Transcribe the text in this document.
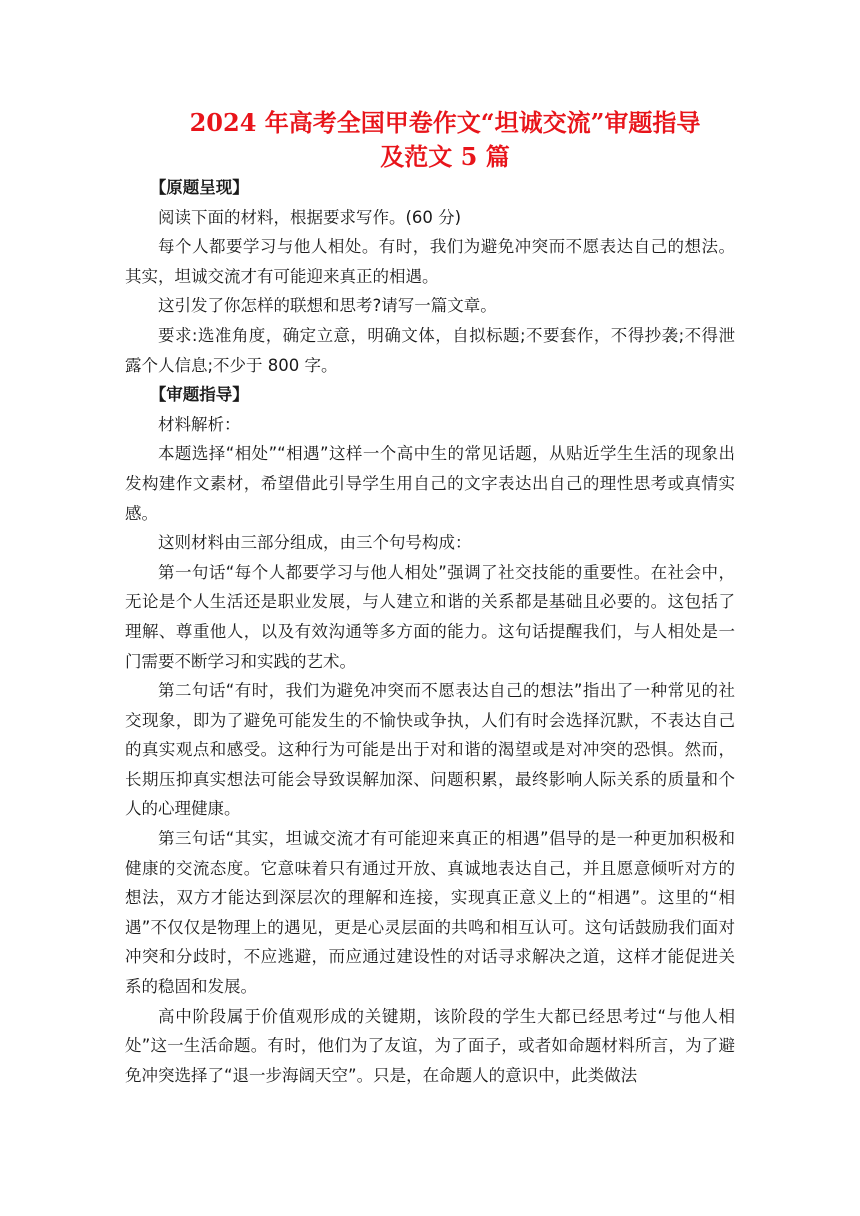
2024 年高考全国甲卷作文“坦诚交流”审题指导
及范文 5 篇

【原题呈现】

阅读下面的材料，根据要求写作。(60 分)

每个人都要学习与他人相处。有时，我们为避免冲突而不愿表达自己的想法。其实，坦诚交流才有可能迎来真正的相遇。

这引发了你怎样的联想和思考?请写一篇文章。

要求:选准角度，确定立意，明确文体，自拟标题;不要套作，不得抄袭;不得泄露个人信息;不少于 800 字。

【审题指导】

材料解析：

本题选择“相处”“相遇”这样一个高中生的常见话题，从贴近学生生活的现象出发构建作文素材，希望借此引导学生用自己的文字表达出自己的理性思考或真情实感。

这则材料由三部分组成，由三个句号构成：

第一句话“每个人都要学习与他人相处”强调了社交技能的重要性。在社会中，无论是个人生活还是职业发展，与人建立和谐的关系都是基础且必要的。这包括了理解、尊重他人，以及有效沟通等多方面的能力。这句话提醒我们，与人相处是一门需要不断学习和实践的艺术。

第二句话“有时，我们为避免冲突而不愿表达自己的想法”指出了一种常见的社交现象，即为了避免可能发生的不愉快或争执，人们有时会选择沉默，不表达自己的真实观点和感受。这种行为可能是出于对和谐的渴望或是对冲突的恐惧。然而，长期压抑真实想法可能会导致误解加深、问题积累，最终影响人际关系的质量和个人的心理健康。

第三句话“其实，坦诚交流才有可能迎来真正的相遇”倡导的是一种更加积极和健康的交流态度。它意味着只有通过开放、真诚地表达自己，并且愿意倾听对方的想法，双方才能达到深层次的理解和连接，实现真正意义上的“相遇”。这里的“相遇”不仅仅是物理上的遇见，更是心灵层面的共鸣和相互认可。这句话鼓励我们面对冲突和分歧时，不应逃避，而应通过建设性的对话寻求解决之道，这样才能促进关系的稳固和发展。

高中阶段属于价值观形成的关键期，该阶段的学生大都已经思考过“与他人相处”这一生活命题。有时，他们为了友谊，为了面子，或者如命题材料所言，为了避免冲突选择了“退一步海阔天空”。只是，在命题人的意识中，此类做法
